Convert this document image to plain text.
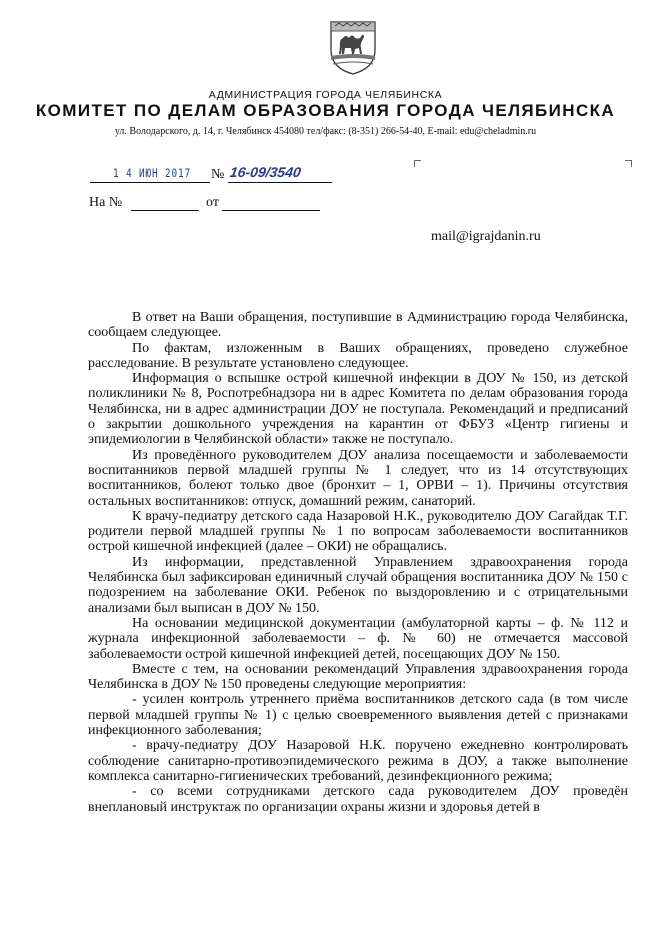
АДМИНИСТРАЦИЯ ГОРОДА ЧЕЛЯБИНСКА
КОМИТЕТ ПО ДЕЛАМ ОБРАЗОВАНИЯ ГОРОДА ЧЕЛЯБИНСКА
ул. Володарского, д. 14, г. Челябинск 454080 тел/факс: (8-351) 266-54-40, E-mail: edu@cheladmin.ru
1 4 ИЮН 2017 № 16-09/3540
На №	от
mail@igrajdanin.ru

В ответ на Ваши обращения, поступившие в Администрацию города Челябинска, сообщаем следующее.

По фактам, изложенным в Ваших обращениях, проведено служебное расследование. В результате установлено следующее.

Информация о вспышке острой кишечной инфекции в ДОУ № 150, из детской поликлиники № 8, Роспотребнадзора ни в адрес Комитета по делам образования города Челябинска, ни в адрес администрации ДОУ не поступала. Рекомендаций и предписаний о закрытии дошкольного учреждения на карантин от ФБУЗ «Центр гигиены и эпидемиологии в Челябинской области» также не поступало.

Из проведённого руководителем ДОУ анализа посещаемости и заболеваемости воспитанников первой младшей группы № 1 следует, что из 14 отсутствующих воспитанников, болеют только двое (бронхит – 1, ОРВИ – 1). Причины отсутствия остальных воспитанников: отпуск, домашний режим, санаторий.

К врачу-педиатру детского сада Назаровой Н.К., руководителю ДОУ Сагайдак Т.Г. родители первой младшей группы № 1 по вопросам заболеваемости воспитанников острой кишечной инфекцией (далее – ОКИ) не обращались.

Из информации, представленной Управлением здравоохранения города Челябинска был зафиксирован единичный случай обращения воспитанника ДОУ № 150 с подозрением на заболевание ОКИ. Ребенок по выздоровлению и с отрицательными анализами был выписан в ДОУ № 150.

На основании медицинской документации (амбулаторной карты – ф. № 112 и журнала инфекционной заболеваемости – ф. № 60) не отмечается массовой заболеваемости острой кишечной инфекцией детей, посещающих ДОУ № 150.

Вместе с тем, на основании рекомендаций Управления здравоохранения города Челябинска в ДОУ № 150 проведены следующие мероприятия:

- усилен контроль утреннего приёма воспитанников детского сада (в том числе первой младшей группы № 1) с целью своевременного выявления детей с признаками инфекционного заболевания;

- врачу-педиатру ДОУ Назаровой Н.К. поручено ежедневно контролировать соблюдение санитарно-противоэпидемического режима в ДОУ, а также выполнение комплекса санитарно-гигиенических требований, дезинфекционного режима;

- со всеми сотрудниками детского сада руководителем ДОУ проведён внеплановый инструктаж по организации охраны жизни и здоровья детей в
